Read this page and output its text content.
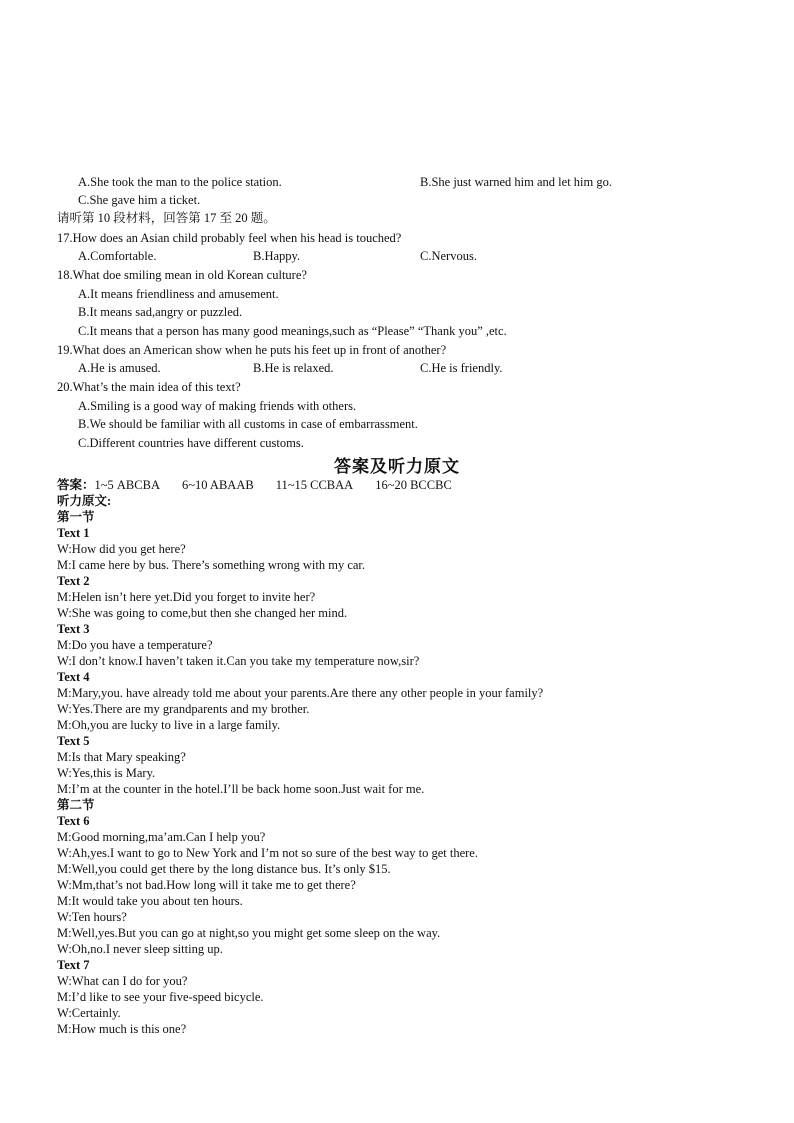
A.She took the man to the police station.	B.She just warned him and let him go.
C.She gave him a ticket.
请听第 10 段材料，回答第 17 至 20 题。
17.How does an Asian child probably feel when his head is touched?
A.Comfortable.	B.Happy.	C.Nervous.
18.What doe smiling mean in old Korean culture?
A.It means friendliness and amusement.
B.It means sad,angry or puzzled.
C.It means that a person has many good meanings,such as “Please” “Thank you” ,etc.
19.What does an American show when he puts his feet up in front of another?
A.He is amused.	B.He is relaxed.	C.He is friendly.
20.What’s the main idea of this text?
A.Smiling is a good way of making friends with others.
B.We should be familiar with all customs in case of embarrassment.
C.Different countries have different customs.
答案及听力原文
答案：1~5 ABCBA 6~10 ABAAB 11~15 CCBAA 16~20 BCCBC
听力原文:
第一节
Text 1
W:How did you get here?
M:I came here by bus. There’s something wrong with my car.
Text 2
M:Helen isn’t here yet.Did you forget to invite her?
W:She was going to come,but then she changed her mind.
Text 3
M:Do you have a temperature?
W:I don’t know.I haven’t taken it.Can you take my temperature now,sir?
Text 4
M:Mary,you. have already told me about your parents.Are there any other people in your family?
W:Yes.There are my grandparents and my brother.
M:Oh,you are lucky to live in a large family.
Text 5
M:Is that Mary speaking?
W:Yes,this is Mary.
M:I’m at the counter in the hotel.I’ll be back home soon.Just wait for me.
第二节
Text 6
M:Good morning,ma’am.Can I help you?
W:Ah,yes.I want to go to New York and I’m not so sure of the best way to get there.
M:Well,you could get there by the long distance bus. It’s only $15.
W:Mm,that’s not bad.How long will it take me to get there?
M:It would take you about ten hours.
W:Ten hours?
M:Well,yes.But you can go at night,so you might get some sleep on the way.
W:Oh,no.I never sleep sitting up.
Text 7
W:What can I do for you?
M:I’d like to see your five-speed bicycle.
W:Certainly.
M:How much is this one?
